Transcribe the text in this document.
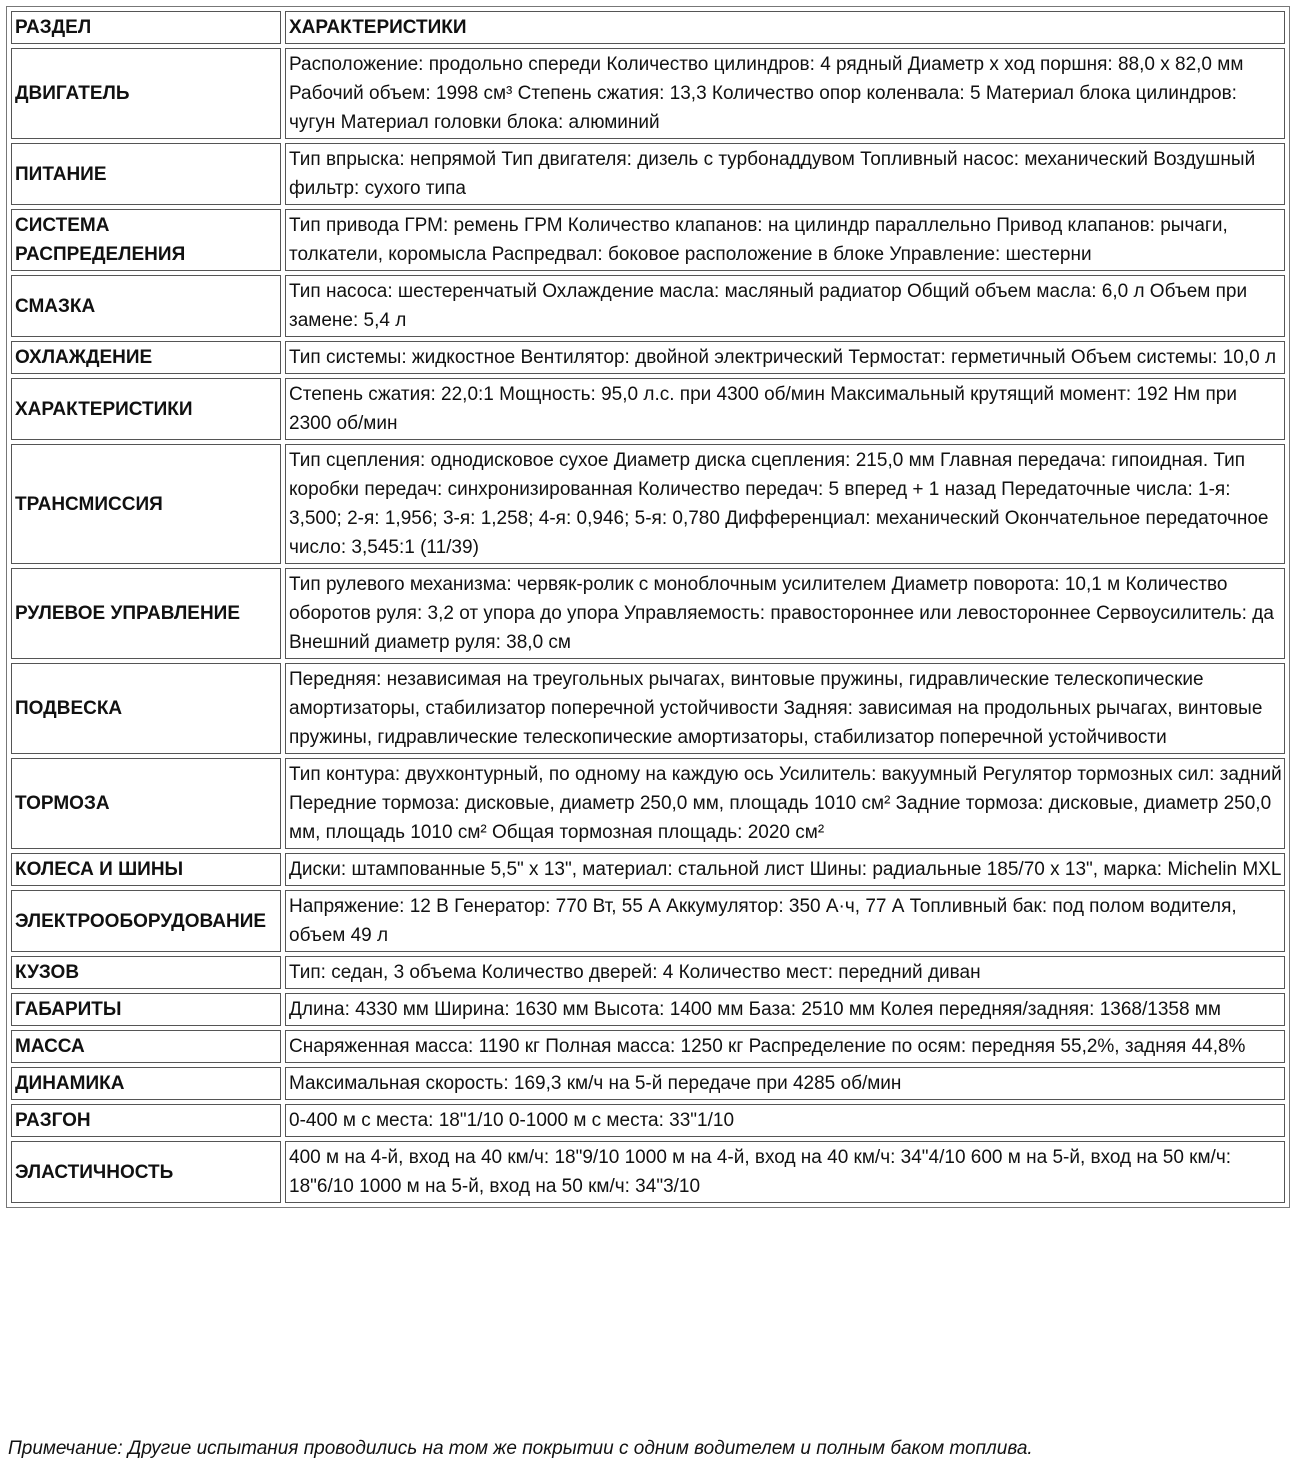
РАЗДЕЛ	ХАРАКТЕРИСТИКИ
ДВИГАТЕЛЬ	Расположение: продольно спереди Количество цилиндров: 4 рядный Диаметр x ход поршня: 88,0 x 82,0 мм Рабочий объем: 1998 см³ Степень сжатия: 13,3 Количество опор коленвала: 5 Материал блока цилиндров: чугун Материал головки блока: алюминий
ПИТАНИЕ	Тип впрыска: непрямой Тип двигателя: дизель с турбонаддувом Топливный насос: механический Воздушный фильтр: сухого типа
СИСТЕМА РАСПРЕДЕЛЕНИЯ	Тип привода ГРМ: ремень ГРМ Количество клапанов: на цилиндр параллельно Привод клапанов: рычаги, толкатели, коромысла Распредвал: боковое расположение в блоке Управление: шестерни
СМАЗКА	Тип насоса: шестеренчатый Охлаждение масла: масляный радиатор Общий объем масла: 6,0 л Объем при замене: 5,4 л
ОХЛАЖДЕНИЕ	Тип системы: жидкостное Вентилятор: двойной электрический Термостат: герметичный Объем системы: 10,0 л
ХАРАКТЕРИСТИКИ	Степень сжатия: 22,0:1 Мощность: 95,0 л.с. при 4300 об/мин Максимальный крутящий момент: 192 Нм при 2300 об/мин
ТРАНСМИССИЯ	Тип сцепления: однодисковое сухое Диаметр диска сцепления: 215,0 мм Главная передача: гипоидная. Тип коробки передач: синхронизированная Количество передач: 5 вперед + 1 назад Передаточные числа: 1-я: 3,500; 2-я: 1,956; 3-я: 1,258; 4-я: 0,946; 5-я: 0,780 Дифференциал: механический Окончательное передаточное число: 3,545:1 (11/39)
РУЛЕВОЕ УПРАВЛЕНИЕ	Тип рулевого механизма: червяк-ролик с моноблочным усилителем Диаметр поворота: 10,1 м Количество оборотов руля: 3,2 от упора до упора Управляемость: правостороннее или левостороннее Сервоусилитель: да Внешний диаметр руля: 38,0 см
ПОДВЕСКА	Передняя: независимая на треугольных рычагах, винтовые пружины, гидравлические телескопические амортизаторы, стабилизатор поперечной устойчивости Задняя: зависимая на продольных рычагах, винтовые пружины, гидравлические телескопические амортизаторы, стабилизатор поперечной устойчивости
ТОРМОЗА	Тип контура: двухконтурный, по одному на каждую ось Усилитель: вакуумный Регулятор тормозных сил: задний Передние тормоза: дисковые, диаметр 250,0 мм, площадь 1010 см² Задние тормоза: дисковые, диаметр 250,0 мм, площадь 1010 см² Общая тормозная площадь: 2020 см²
КОЛЕСА И ШИНЫ	Диски: штампованные 5,5" x 13", материал: стальной лист Шины: радиальные 185/70 x 13", марка: Michelin MXL
ЭЛЕКТРООБОРУДОВАНИЕ	Напряжение: 12 В Генератор: 770 Вт, 55 А Аккумулятор: 350 А·ч, 77 А Топливный бак: под полом водителя, объем 49 л
КУЗОВ	Тип: седан, 3 объема Количество дверей: 4 Количество мест: передний диван
ГАБАРИТЫ	Длина: 4330 мм Ширина: 1630 мм Высота: 1400 мм База: 2510 мм Колея передняя/задняя: 1368/1358 мм
МАССА	Снаряженная масса: 1190 кг Полная масса: 1250 кг Распределение по осям: передняя 55,2%, задняя 44,8%
ДИНАМИКА	Максимальная скорость: 169,3 км/ч на 5-й передаче при 4285 об/мин
РАЗГОН	0-400 м с места: 18"1/10 0-1000 м с места: 33"1/10
ЭЛАСТИЧНОСТЬ	400 м на 4-й, вход на 40 км/ч: 18"9/10 1000 м на 4-й, вход на 40 км/ч: 34"4/10 600 м на 5-й, вход на 50 км/ч: 18"6/10 1000 м на 5-й, вход на 50 км/ч: 34"3/10
Примечание: Другие испытания проводились на том же покрытии с одним водителем и полным баком топлива.
